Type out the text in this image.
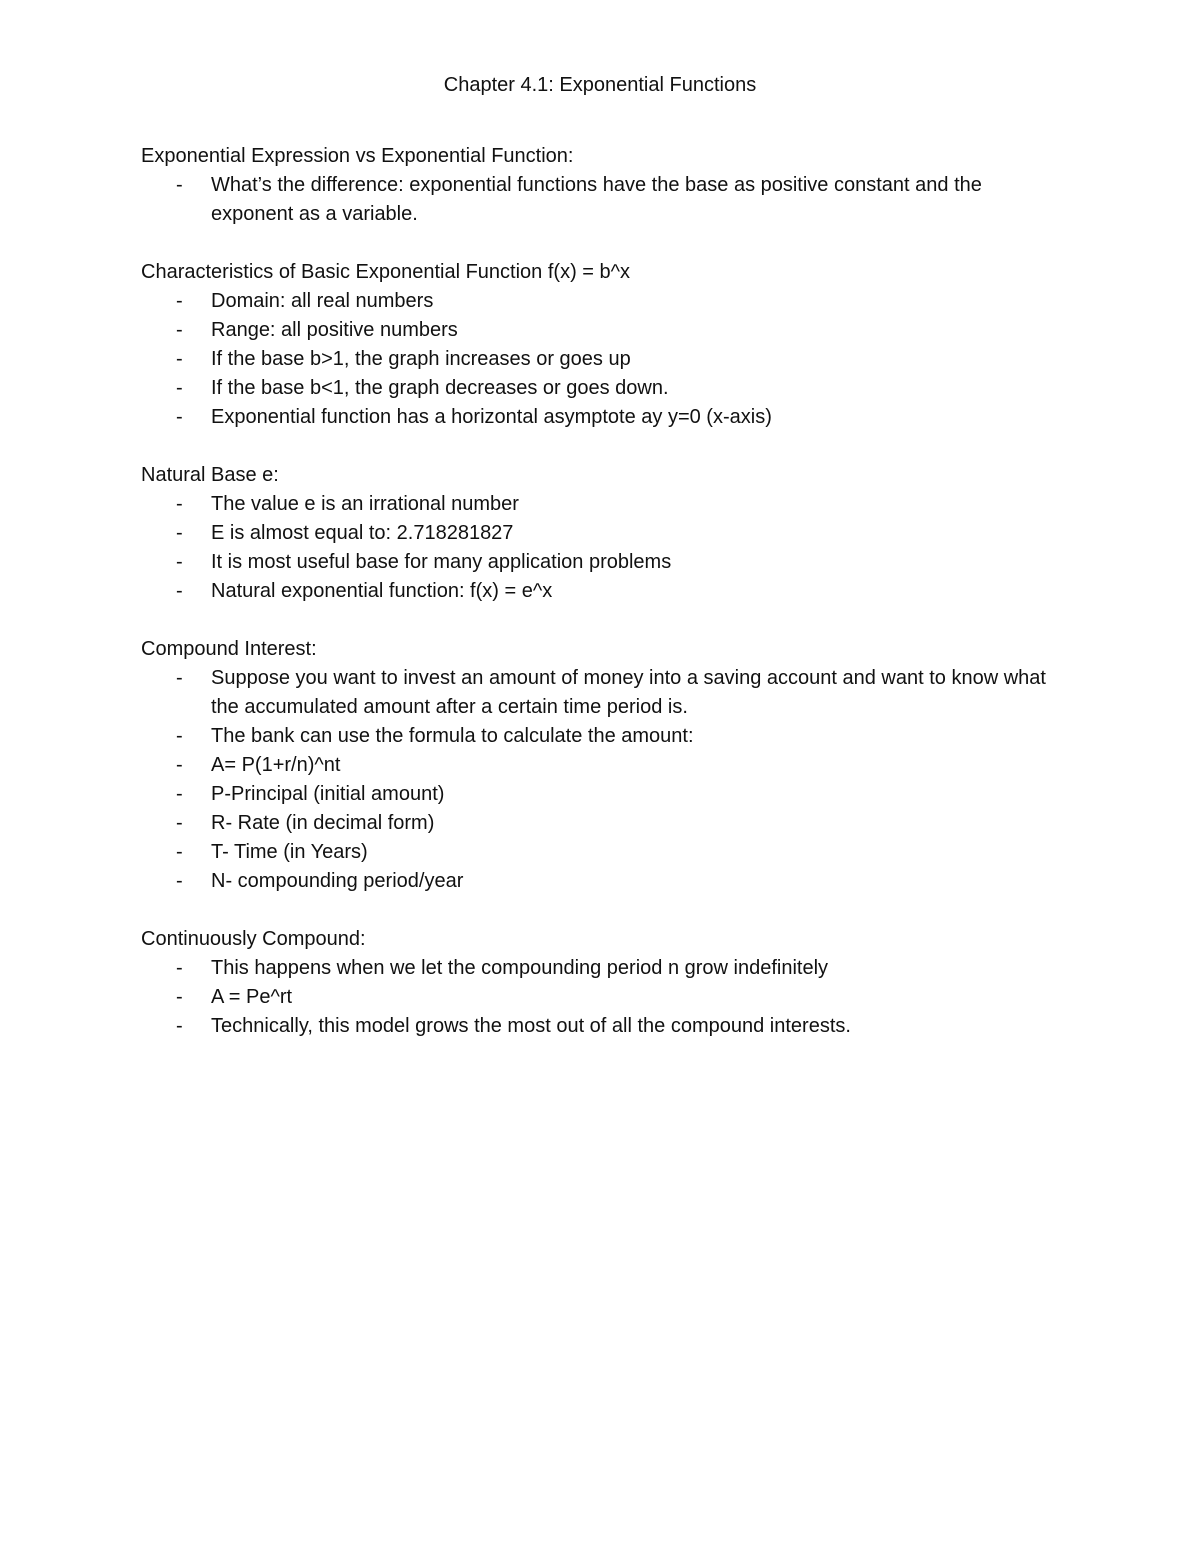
Chapter 4.1: Exponential Functions

Exponential Expression vs Exponential Function:

- What’s the difference: exponential functions have the base as positive constant and the exponent as a variable.

Characteristics of Basic Exponential Function f(x) = b^x

- Domain: all real numbers
- Range: all positive numbers
- If the base b>1, the graph increases or goes up
- If the base b<1, the graph decreases or goes down.
- Exponential function has a horizontal asymptote ay y=0 (x-axis)

Natural Base e:

- The value e is an irrational number
- E is almost equal to: 2.718281827
- It is most useful base for many application problems
- Natural exponential function: f(x) = e^x

Compound Interest:

- Suppose you want to invest an amount of money into a saving account and want to know what the accumulated amount after a certain time period is.
- The bank can use the formula to calculate the amount:
- A= P(1+r/n)^nt
- P-Principal (initial amount)
- R- Rate (in decimal form)
- T- Time (in Years)
- N- compounding period/year

Continuously Compound:

- This happens when we let the compounding period n grow indefinitely
- A = Pe^rt
- Technically, this model grows the most out of all the compound interests.
